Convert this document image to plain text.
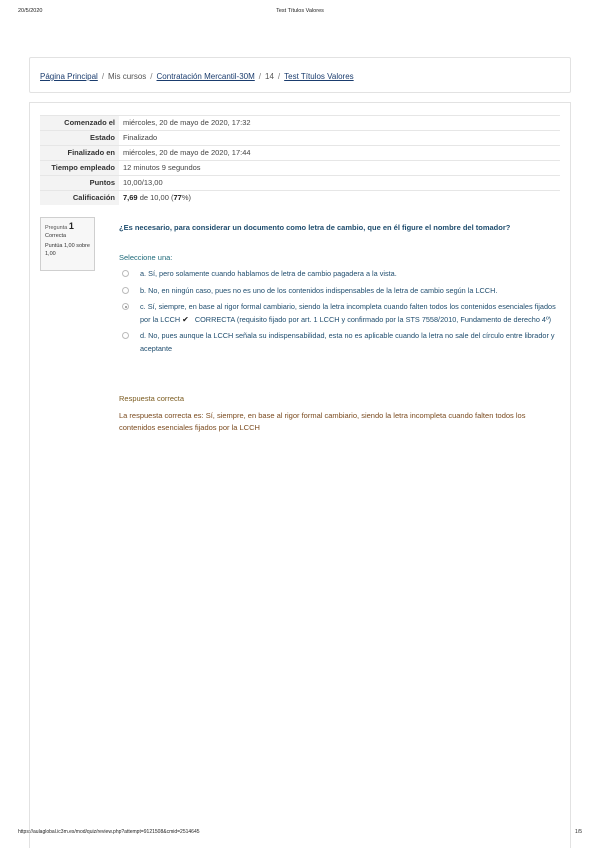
20/5/2020	Test Títulos Valores
Página Principal / Mis cursos / Contratación Mercantil-30M / 14 / Test Títulos Valores
Comenzado el	miércoles, 20 de mayo de 2020, 17:32
Estado	Finalizado
Finalizado en	miércoles, 20 de mayo de 2020, 17:44
Tiempo empleado	12 minutos 9 segundos
Puntos	10,00/13,00
Calificación	7,69 de 10,00 (77%)
Pregunta 1
Correcta
Puntúa 1,00 sobre 1,00
¿Es necesario, para considerar un documento como letra de cambio, que en él figure el nombre del tomador?
Seleccione una:
a. Sí, pero solamente cuando hablamos de letra de cambio pagadera a la vista.
b. No, en ningún caso, pues no es uno de los contenidos indispensables de la letra de cambio según la LCCH.
c. Sí, siempre, en base al rigor formal cambiario, siendo la letra incompleta cuando falten todos los contenidos esenciales fijados por la LCCH ✔ CORRECTA (requisito fijado por art. 1 LCCH y confirmado por la STS 7558/2010, Fundamento de derecho 4º)
d. No, pues aunque la LCCH señala su indispensabilidad, esta no es aplicable cuando la letra no sale del círculo entre librador y aceptante
Respuesta correcta
La respuesta correcta es: Sí, siempre, en base al rigor formal cambiario, siendo la letra incompleta cuando falten todos los contenidos esenciales fijados por la LCCH
https://aulaglobal.ic3m.es/mod/quiz/review.php?attempt=9121508&cmid=2514645	1/5
